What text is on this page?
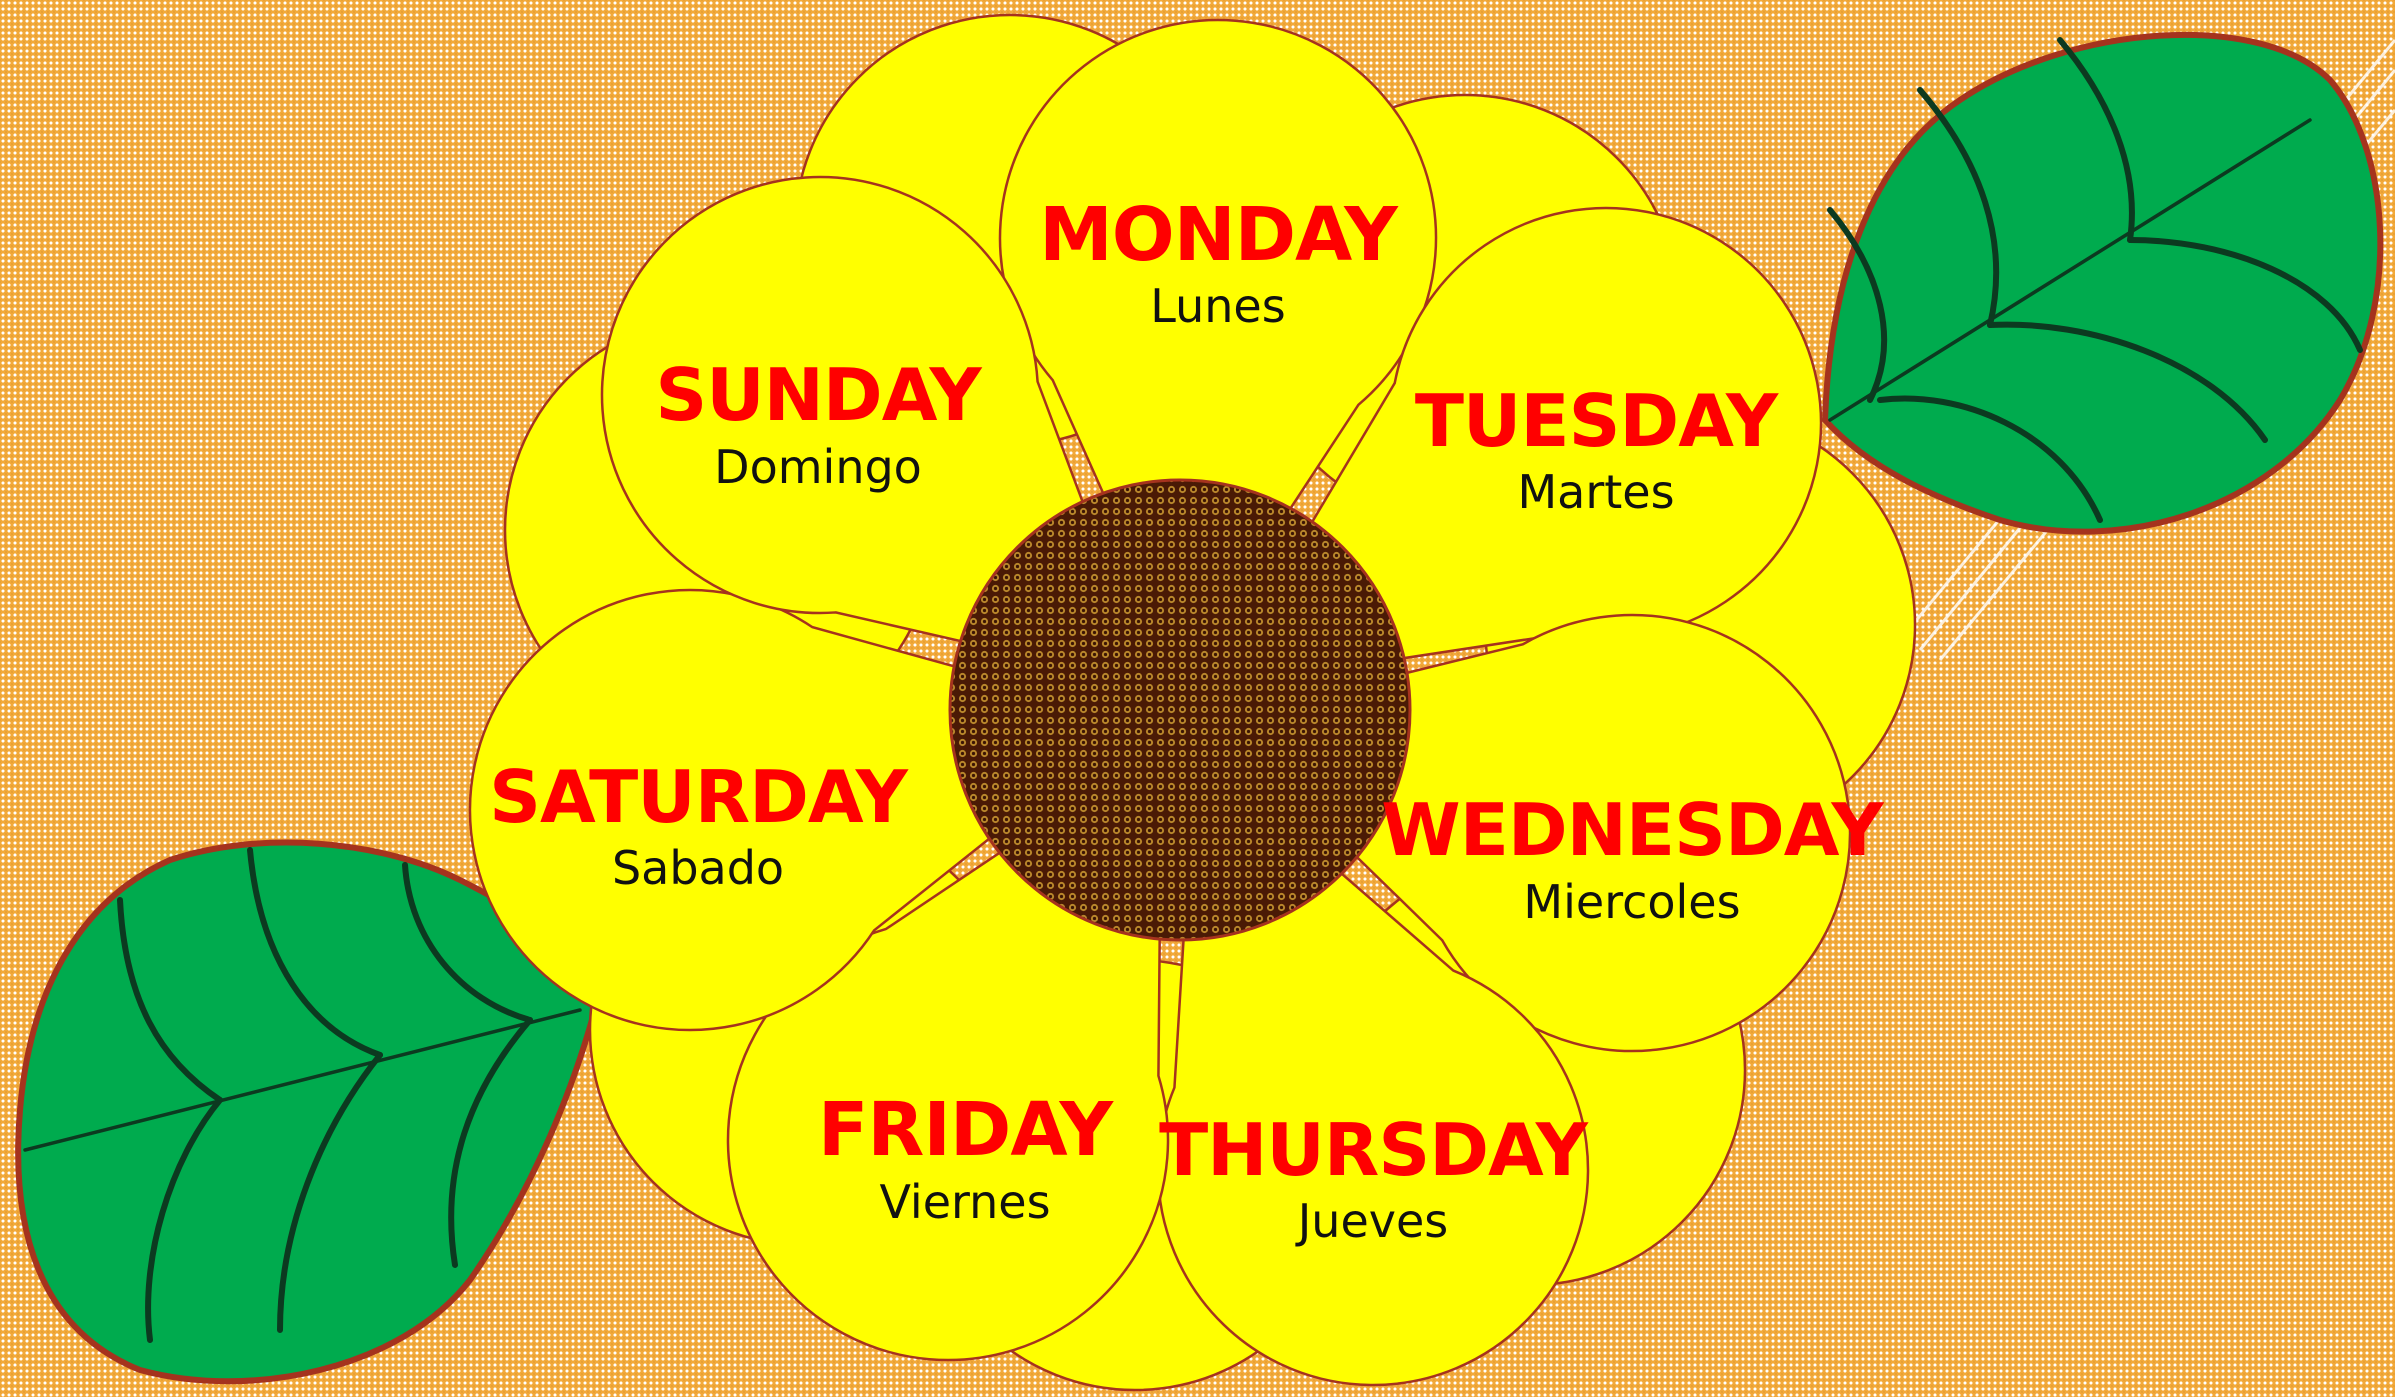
MONDAY
Lunes
TUESDAY
Martes
WEDNESDAY
Miercoles
THURSDAY
Jueves
FRIDAY
Viernes
SATURDAY
Sabado
SUNDAY
Domingo
